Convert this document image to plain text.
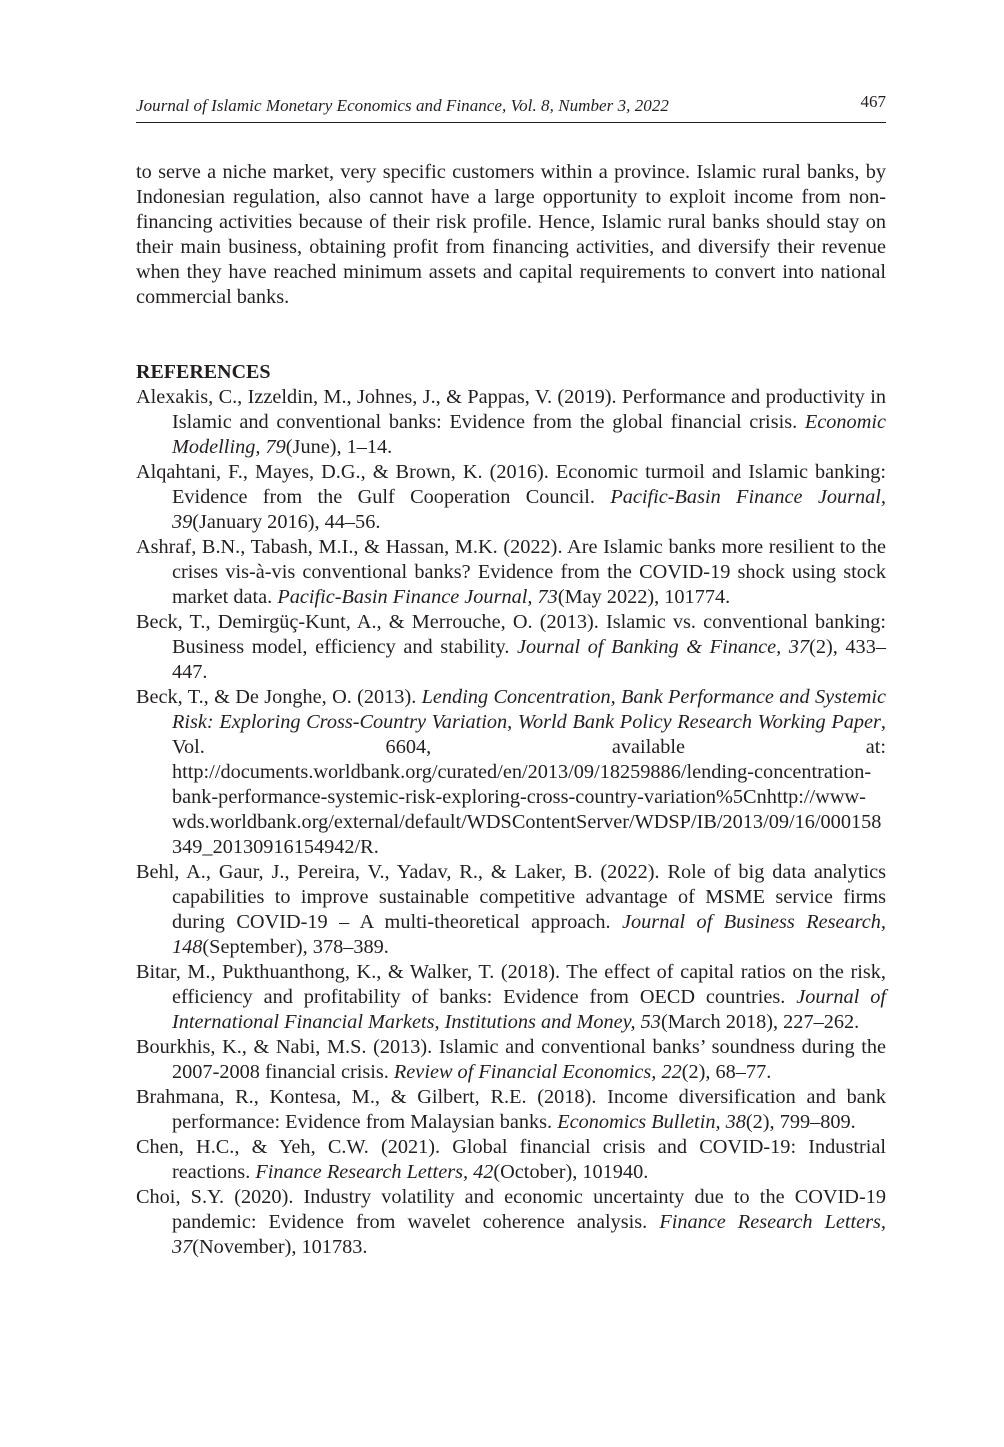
Journal of Islamic Monetary Economics and Finance, Vol. 8, Number 3, 2022	467

to serve a niche market, very specific customers within a province. Islamic rural banks, by Indonesian regulation, also cannot have a large opportunity to exploit income from non-financing activities because of their risk profile. Hence, Islamic rural banks should stay on their main business, obtaining profit from financing activities, and diversify their revenue when they have reached minimum assets and capital requirements to convert into national commercial banks.

REFERENCES
Alexakis, C., Izzeldin, M., Johnes, J., & Pappas, V. (2019). Performance and productivity in Islamic and conventional banks: Evidence from the global financial crisis. Economic Modelling, 79(June), 1–14.
Alqahtani, F., Mayes, D.G., & Brown, K. (2016). Economic turmoil and Islamic banking: Evidence from the Gulf Cooperation Council. Pacific-Basin Finance Journal, 39(January 2016), 44–56.
Ashraf, B.N., Tabash, M.I., & Hassan, M.K. (2022). Are Islamic banks more resilient to the crises vis-à-vis conventional banks? Evidence from the COVID-19 shock using stock market data. Pacific-Basin Finance Journal, 73(May 2022), 101774.
Beck, T., Demirgüç-Kunt, A., & Merrouche, O. (2013). Islamic vs. conventional banking: Business model, efficiency and stability. Journal of Banking & Finance, 37(2), 433–447.
Beck, T., & De Jonghe, O. (2013). Lending Concentration, Bank Performance and Systemic Risk: Exploring Cross-Country Variation, World Bank Policy Research Working Paper, Vol. 6604, available at: http://documents.worldbank.org/curated/en/2013/09/18259886/lending-concentration-bank-performance-systemic-risk-exploring-cross-country-variation%5Cnhttp://www-wds.worldbank.org/external/default/WDSContentServer/WDSP/IB/2013/09/16/000158349_20130916154942/R.
Behl, A., Gaur, J., Pereira, V., Yadav, R., & Laker, B. (2022). Role of big data analytics capabilities to improve sustainable competitive advantage of MSME service firms during COVID-19 – A multi-theoretical approach. Journal of Business Research, 148(September), 378–389.
Bitar, M., Pukthuanthong, K., & Walker, T. (2018). The effect of capital ratios on the risk, efficiency and profitability of banks: Evidence from OECD countries. Journal of International Financial Markets, Institutions and Money, 53(March 2018), 227–262.
Bourkhis, K., & Nabi, M.S. (2013). Islamic and conventional banks’ soundness during the 2007-2008 financial crisis. Review of Financial Economics, 22(2), 68–77.
Brahmana, R., Kontesa, M., & Gilbert, R.E. (2018). Income diversification and bank performance: Evidence from Malaysian banks. Economics Bulletin, 38(2), 799–809.
Chen, H.C., & Yeh, C.W. (2021). Global financial crisis and COVID-19: Industrial reactions. Finance Research Letters, 42(October), 101940.
Choi, S.Y. (2020). Industry volatility and economic uncertainty due to the COVID-19 pandemic: Evidence from wavelet coherence analysis. Finance Research Letters, 37(November), 101783.
